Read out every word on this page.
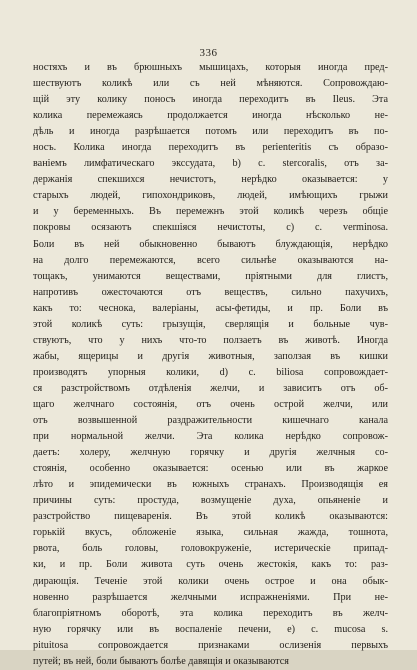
336
ностяхъ и въ брюшныхъ мышицахъ, которыя иногда пред-
шествуютъ коликѣ или съ ней мѣняются. Сопровождаю-
щій эту колику поносъ иногда переходитъ въ Ileus. Эта
колика перемежаясь продолжается иногда нѣсколько не-
дѣль и иногда разрѣшается потомъ или переходитъ въ по-
носъ. Колика иногда переходитъ въ perienteritis съ образо-
ваніемъ лимфатическаго экссудата, b) с. stercoralis, отъ за-
держанія спекшихся нечистотъ, нерѣдко оказывается: у
старыхъ людей, гипохондриковъ, людей, имѣющихъ грыжи
и у беременныхъ. Въ перемежнъ этой коликѣ черезъ общіе
покровы осязаютъ спекшіяся нечистоты, c) с. verminosa.
Боли въ ней обыкновенно бываютъ блуждающія, нерѣдко
на долго перемежаются, всего сильнѣе оказываются на-
тощакъ, унимаются веществами, пріятными для глистъ,
напротивъ ожесточаются отъ веществъ, сильно пахучихъ,
какъ то: чеснока, валеріаны, асы-фетиды, и пр. Боли въ
этой коликѣ суть: грызущія, сверлящія и больные чув-
ствуютъ, что у нихъ что-то ползаетъ въ животѣ. Иногда
жабы, ящерицы и другія животныя, заползая въ кишки
производятъ упорныя колики, d) с. biliosa сопровождает-
ся разстройствомъ отдѣленія желчи, и зависитъ отъ об-
щаго желчнаго состоянія, отъ очень острой желчи, или
отъ возвышенной раздражительности кишечнаго канала
при нормальной желчи. Эта колика нерѣдко сопровож-
даетъ: холеру, желчную горячку и другія желчныя со-
стоянія, особенно оказывается: осенью или въ жаркое
лѣто и эпидемически въ южныхъ странахъ. Производящія ея
причины суть: простуда, возмущеніе духа, опьяненіе и
разстройство пищеваренія. Въ этой коликѣ оказываются:
горькій вкусъ, обложеніе языка, сильная жажда, тошнота,
рвота, боль головы, головокруженіе, истерическіе припад-
ки, и пр. Боли живота суть очень жестокія, какъ то: раз-
дирающія. Теченіе этой колики очень острое и она обык-
новенно разрѣшается желчными испражненіями. При не-
благопріятномъ оборотѣ, эта колика переходитъ въ желч-
ную горячку или въ воспаленіе печени, е) с. mucosa s.
pituitosa сопровождается признаками ослизенія первыхъ
путей; въ ней, боли бываютъ болѣе давящія и оказываются
